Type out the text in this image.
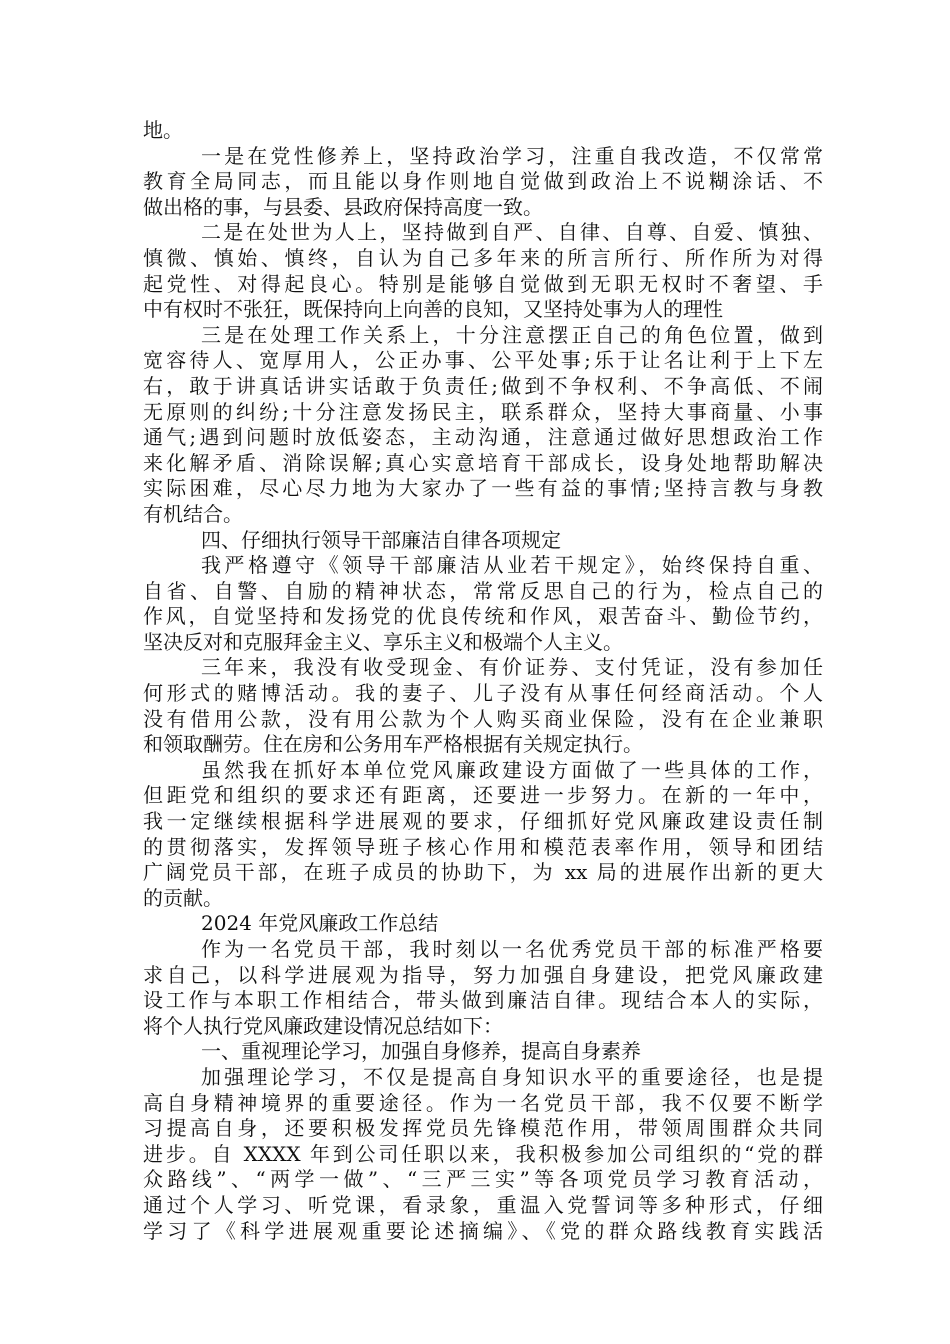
地。
一是在党性修养上，坚持政治学习，注重自我改造，不仅常常
教育全局同志，而且能以身作则地自觉做到政治上不说糊涂话、不
做出格的事，与县委、县政府保持高度一致。
二是在处世为人上，坚持做到自严、自律、自尊、自爱、慎独、
慎微、慎始、慎终，自认为自己多年来的所言所行、所作所为对得
起党性、对得起良心。特别是能够自觉做到无职无权时不奢望、手
中有权时不张狂，既保持向上向善的良知，又坚持处事为人的理性
三是在处理工作关系上，十分注意摆正自己的角色位置，做到
宽容待人、宽厚用人，公正办事、公平处事;乐于让名让利于上下左
右，敢于讲真话讲实话敢于负责任;做到不争权利、不争高低、不闹
无原则的纠纷;十分注意发扬民主，联系群众，坚持大事商量、小事
通气;遇到问题时放低姿态，主动沟通，注意通过做好思想政治工作
来化解矛盾、消除误解;真心实意培育干部成长，设身处地帮助解决
实际困难，尽心尽力地为大家办了一些有益的事情;坚持言教与身教
有机结合。
四、仔细执行领导干部廉洁自律各项规定
我严格遵守《领导干部廉洁从业若干规定》，始终保持自重、
自省、自警、自励的精神状态，常常反思自己的行为，检点自己的
作风，自觉坚持和发扬党的优良传统和作风，艰苦奋斗、勤俭节约，
坚决反对和克服拜金主义、享乐主义和极端个人主义。
三年来，我没有收受现金、有价证券、支付凭证，没有参加任
何形式的赌博活动。我的妻子、儿子没有从事任何经商活动。个人
没有借用公款，没有用公款为个人购买商业保险，没有在企业兼职
和领取酬劳。住在房和公务用车严格根据有关规定执行。
虽然我在抓好本单位党风廉政建设方面做了一些具体的工作，
但距党和组织的要求还有距离，还要进一步努力。在新的一年中，
我一定继续根据科学进展观的要求，仔细抓好党风廉政建设责任制
的贯彻落实，发挥领导班子核心作用和模范表率作用，领导和团结
广阔党员干部，在班子成员的协助下，为 xx 局的进展作出新的更大
的贡献。
2024 年党风廉政工作总结
作为一名党员干部，我时刻以一名优秀党员干部的标准严格要
求自己，以科学进展观为指导，努力加强自身建设，把党风廉政建
设工作与本职工作相结合，带头做到廉洁自律。现结合本人的实际，
将个人执行党风廉政建设情况总结如下：
一、重视理论学习，加强自身修养，提高自身素养
加强理论学习，不仅是提高自身知识水平的重要途径，也是提
高自身精神境界的重要途径。作为一名党员干部，我不仅要不断学
习提高自身，还要积极发挥党员先锋模范作用，带领周围群众共同
进步。自 XXXX 年到公司任职以来，我积极参加公司组织的“党的群
众路线”、“两学一做”、“三严三实”等各项党员学习教育活动，
通过个人学习、听党课，看录象，重温入党誓词等多种形式，仔细
学习了《科学进展观重要论述摘编》、《党的群众路线教育实践活
